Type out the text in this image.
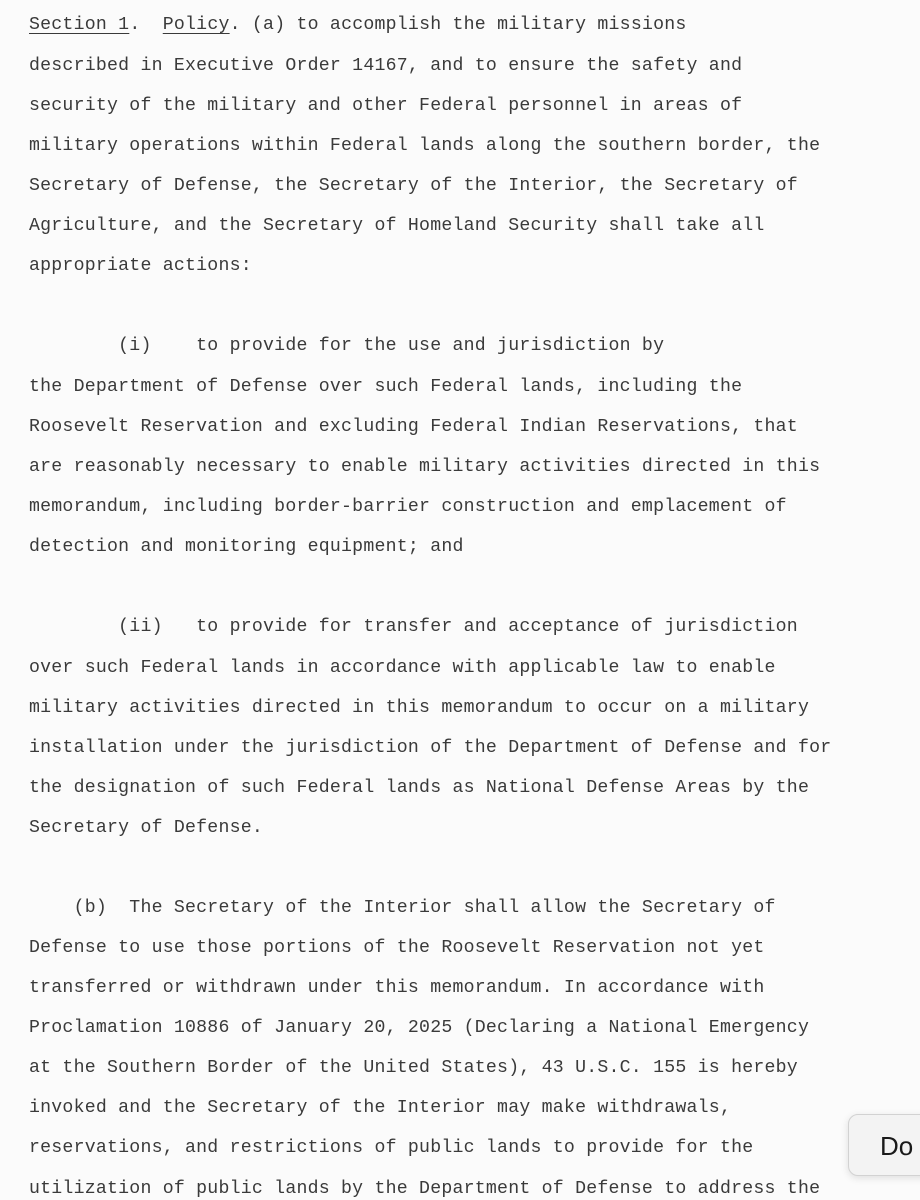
Section 1.  Policy. (a) to accomplish the military missions
described in Executive Order 14167, and to ensure the safety and
security of the military and other Federal personnel in areas of
military operations within Federal lands along the southern border, the
Secretary of Defense, the Secretary of the Interior, the Secretary of
Agriculture, and the Secretary of Homeland Security shall take all
appropriate actions:
(i)    to provide for the use and jurisdiction by
the Department of Defense over such Federal lands, including the
Roosevelt Reservation and excluding Federal Indian Reservations, that
are reasonably necessary to enable military activities directed in this
memorandum, including border-barrier construction and emplacement of
detection and monitoring equipment; and
(ii)   to provide for transfer and acceptance of jurisdiction
over such Federal lands in accordance with applicable law to enable
military activities directed in this memorandum to occur on a military
installation under the jurisdiction of the Department of Defense and for
the designation of such Federal lands as National Defense Areas by the
Secretary of Defense.
(b)  The Secretary of the Interior shall allow the Secretary of
Defense to use those portions of the Roosevelt Reservation not yet
transferred or withdrawn under this memorandum. In accordance with
Proclamation 10886 of January 20, 2025 (Declaring a National Emergency
at the Southern Border of the United States), 43 U.S.C. 155 is hereby
invoked and the Secretary of the Interior may make withdrawals,
reservations, and restrictions of public lands to provide for the
utilization of public lands by the Department of Defense to address the
Do
